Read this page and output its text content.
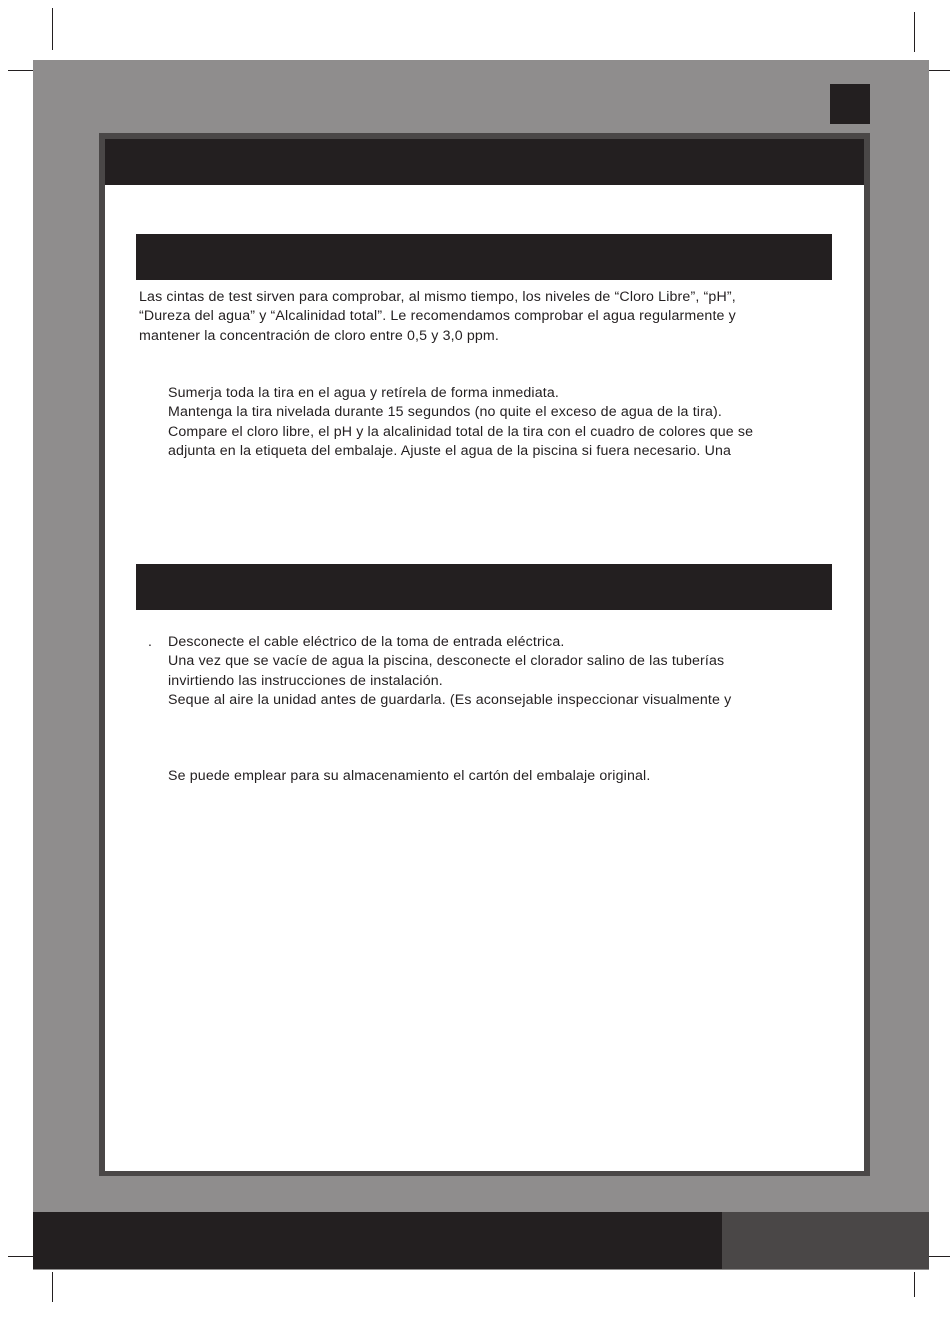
Las cintas de test sirven para comprobar, al mismo tiempo, los niveles de “Cloro Libre”, “pH”,
“Dureza del agua” y “Alcalinidad total”. Le recomendamos comprobar el agua regularmente y
mantener la concentración de cloro entre 0,5 y 3,0 ppm.
Sumerja toda la tira en el agua y retírela de forma inmediata.
Mantenga la tira nivelada durante 15 segundos (no quite el exceso de agua de la tira).
Compare el cloro libre, el pH y la alcalinidad total de la tira con el cuadro de colores que se
adjunta en la etiqueta del embalaje. Ajuste el agua de la piscina si fuera necesario. Una
. Desconecte el cable eléctrico de la toma de entrada eléctrica.
Una vez que se vacíe de agua la piscina, desconecte el clorador salino de las tuberías
invirtiendo las instrucciones de instalación.
Seque al aire la unidad antes de guardarla. (Es aconsejable inspeccionar visualmente y
Se puede emplear para su almacenamiento el cartón del embalaje original.
